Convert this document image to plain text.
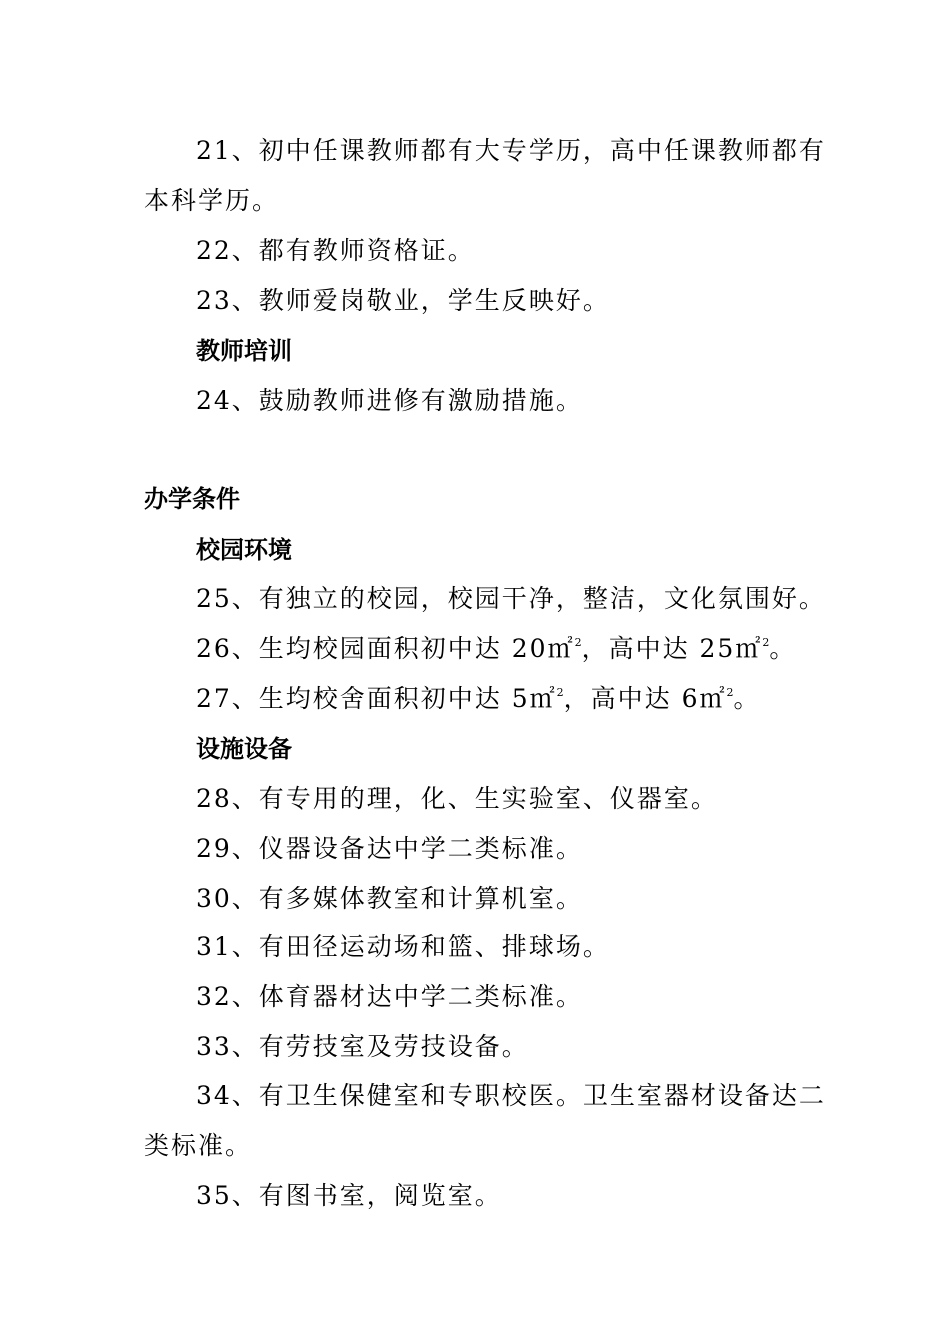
21、初中任课教师都有大专学历，高中任课教师都有
本科学历。
22、都有教师资格证。
23、教师爱岗敬业，学生反映好。
教师培训
24、鼓励教师进修有激励措施。
办学条件
校园环境
25、有独立的校园，校园干净，整洁，文化氛围好。
26、生均校园面积初中达 20㎡$^2$，高中达 25㎡$^2$。
27、生均校舍面积初中达 5㎡$^2$，高中达 6㎡$^2$。
设施设备
28、有专用的理，化、生实验室、仪器室。
29、仪器设备达中学二类标准。
30、有多媒体教室和计算机室。
31、有田径运动场和篮、排球场。
32、体育器材达中学二类标准。
33、有劳技室及劳技设备。
34、有卫生保健室和专职校医。卫生室器材设备达二
类标准。
35、有图书室，阅览室。
